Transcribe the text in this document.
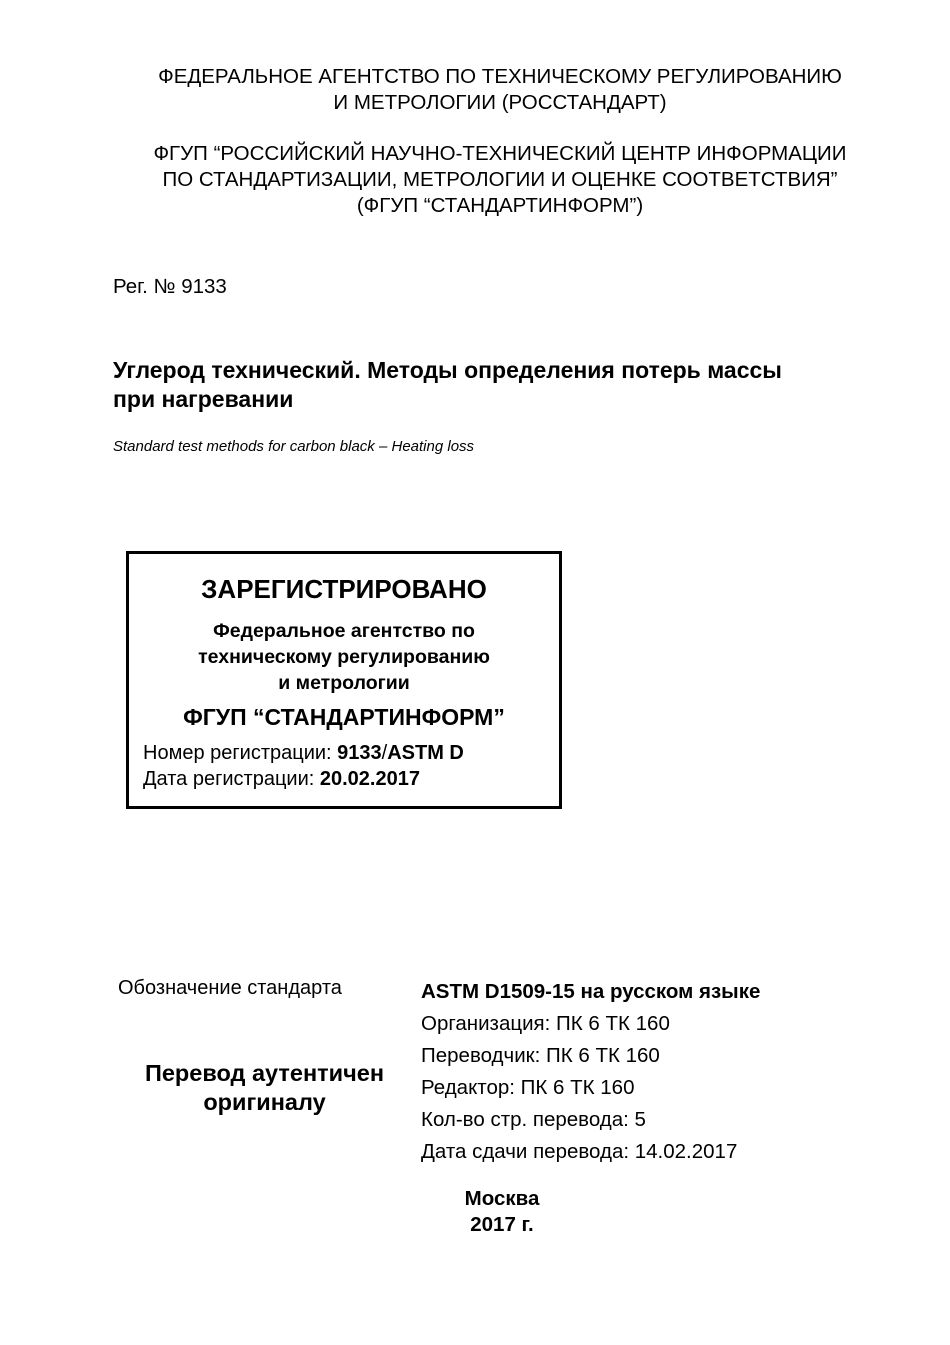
ФЕДЕРАЛЬНОЕ АГЕНТСТВО ПО ТЕХНИЧЕСКОМУ РЕГУЛИРОВАНИЮ
И МЕТРОЛОГИИ (РОССТАНДАРТ)
ФГУП “РОССИЙСКИЙ НАУЧНО-ТЕХНИЧЕСКИЙ ЦЕНТР ИНФОРМАЦИИ
ПО СТАНДАРТИЗАЦИИ, МЕТРОЛОГИИ И ОЦЕНКЕ СООТВЕТСТВИЯ”
(ФГУП “СТАНДАРТИНФОРМ”)
Рег. № 9133
Углерод технический. Методы определения потерь массы
при нагревании
Standard test methods for carbon black – Heating loss
ЗАРЕГИСТРИРОВАНО
Федеральное агентство по
техническому регулированию
и метрологии
ФГУП “СТАНДАРТИНФОРМ”
Номер регистрации: 9133/ASTM D
Дата регистрации: 20.02.2017
Обозначение стандарта
Перевод аутентичен
оригиналу
ASTM D1509-15 на русском языке
Организация: ПК 6 ТК 160
Переводчик: ПК 6 ТК 160
Редактор: ПК 6 ТК 160
Кол-во стр. перевода: 5
Дата сдачи перевода: 14.02.2017
Москва
2017 г.
